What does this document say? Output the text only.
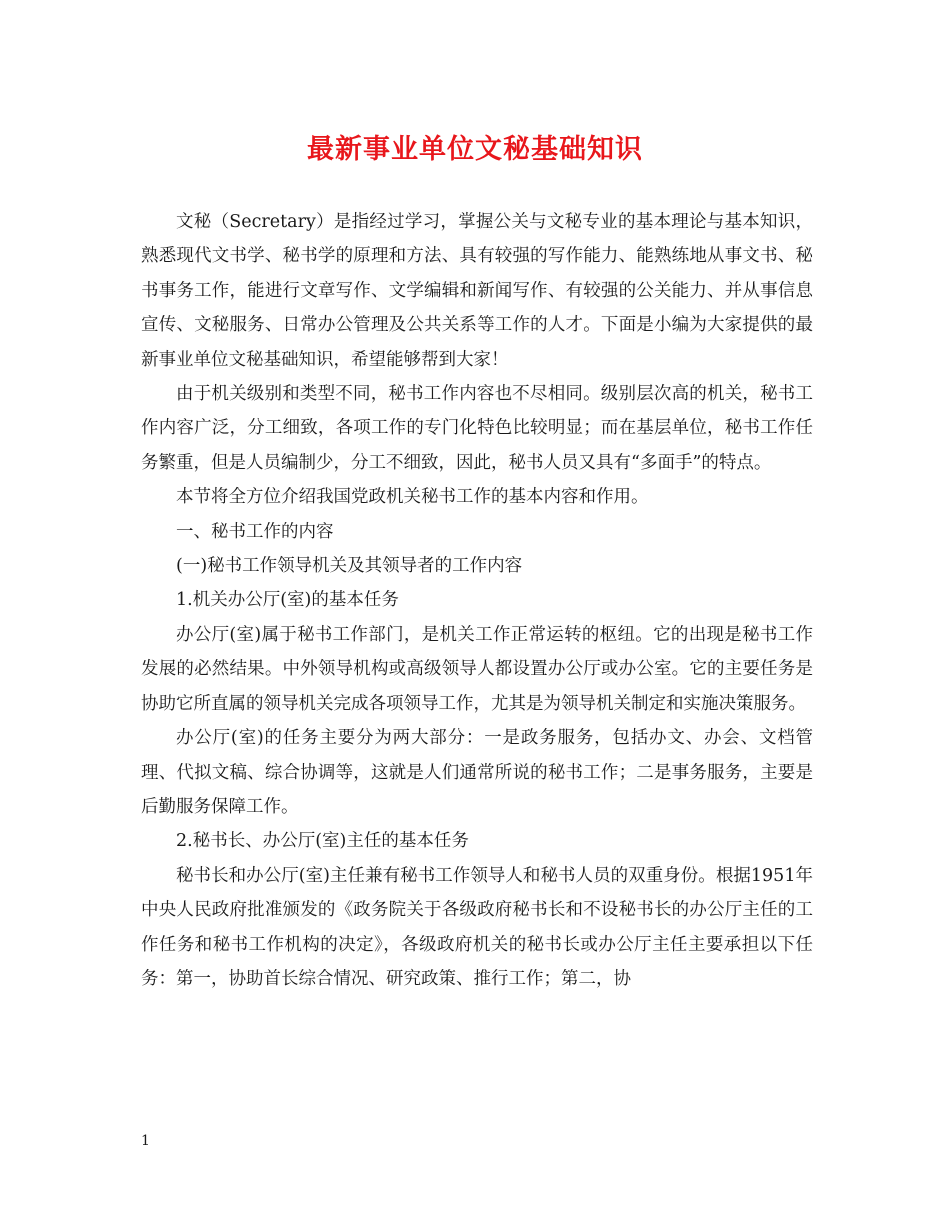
最新事业单位文秘基础知识

文秘（Secretary）是指经过学习，掌握公关与文秘专业的基本理论与基本知识，熟悉现代文书学、秘书学的原理和方法、具有较强的写作能力、能熟练地从事文书、秘书事务工作，能进行文章写作、文学编辑和新闻写作、有较强的公关能力、并从事信息宣传、文秘服务、日常办公管理及公共关系等工作的人才。下面是小编为大家提供的最新事业单位文秘基础知识，希望能够帮到大家！

由于机关级别和类型不同，秘书工作内容也不尽相同。级别层次高的机关，秘书工作内容广泛，分工细致，各项工作的专门化特色比较明显；而在基层单位，秘书工作任务繁重，但是人员编制少，分工不细致，因此，秘书人员又具有“多面手”的特点。

本节将全方位介绍我国党政机关秘书工作的基本内容和作用。

一、秘书工作的内容

(一)秘书工作领导机关及其领导者的工作内容

1.机关办公厅(室)的基本任务

办公厅(室)属于秘书工作部门，是机关工作正常运转的枢纽。它的出现是秘书工作发展的必然结果。中外领导机构或高级领导人都设置办公厅或办公室。它的主要任务是协助它所直属的领导机关完成各项领导工作，尤其是为领导机关制定和实施决策服务。

办公厅(室)的任务主要分为两大部分：一是政务服务，包括办文、办会、文档管理、代拟文稿、综合协调等，这就是人们通常所说的秘书工作；二是事务服务，主要是后勤服务保障工作。

2.秘书长、办公厅(室)主任的基本任务

秘书长和办公厅(室)主任兼有秘书工作领导人和秘书人员的双重身份。根据1951年中央人民政府批准颁发的《政务院关于各级政府秘书长和不设秘书长的办公厅主任的工作任务和秘书工作机构的决定》，各级政府机关的秘书长或办公厅主任主要承担以下任务：第一，协助首长综合情况、研究政策、推行工作；第二，协

1
